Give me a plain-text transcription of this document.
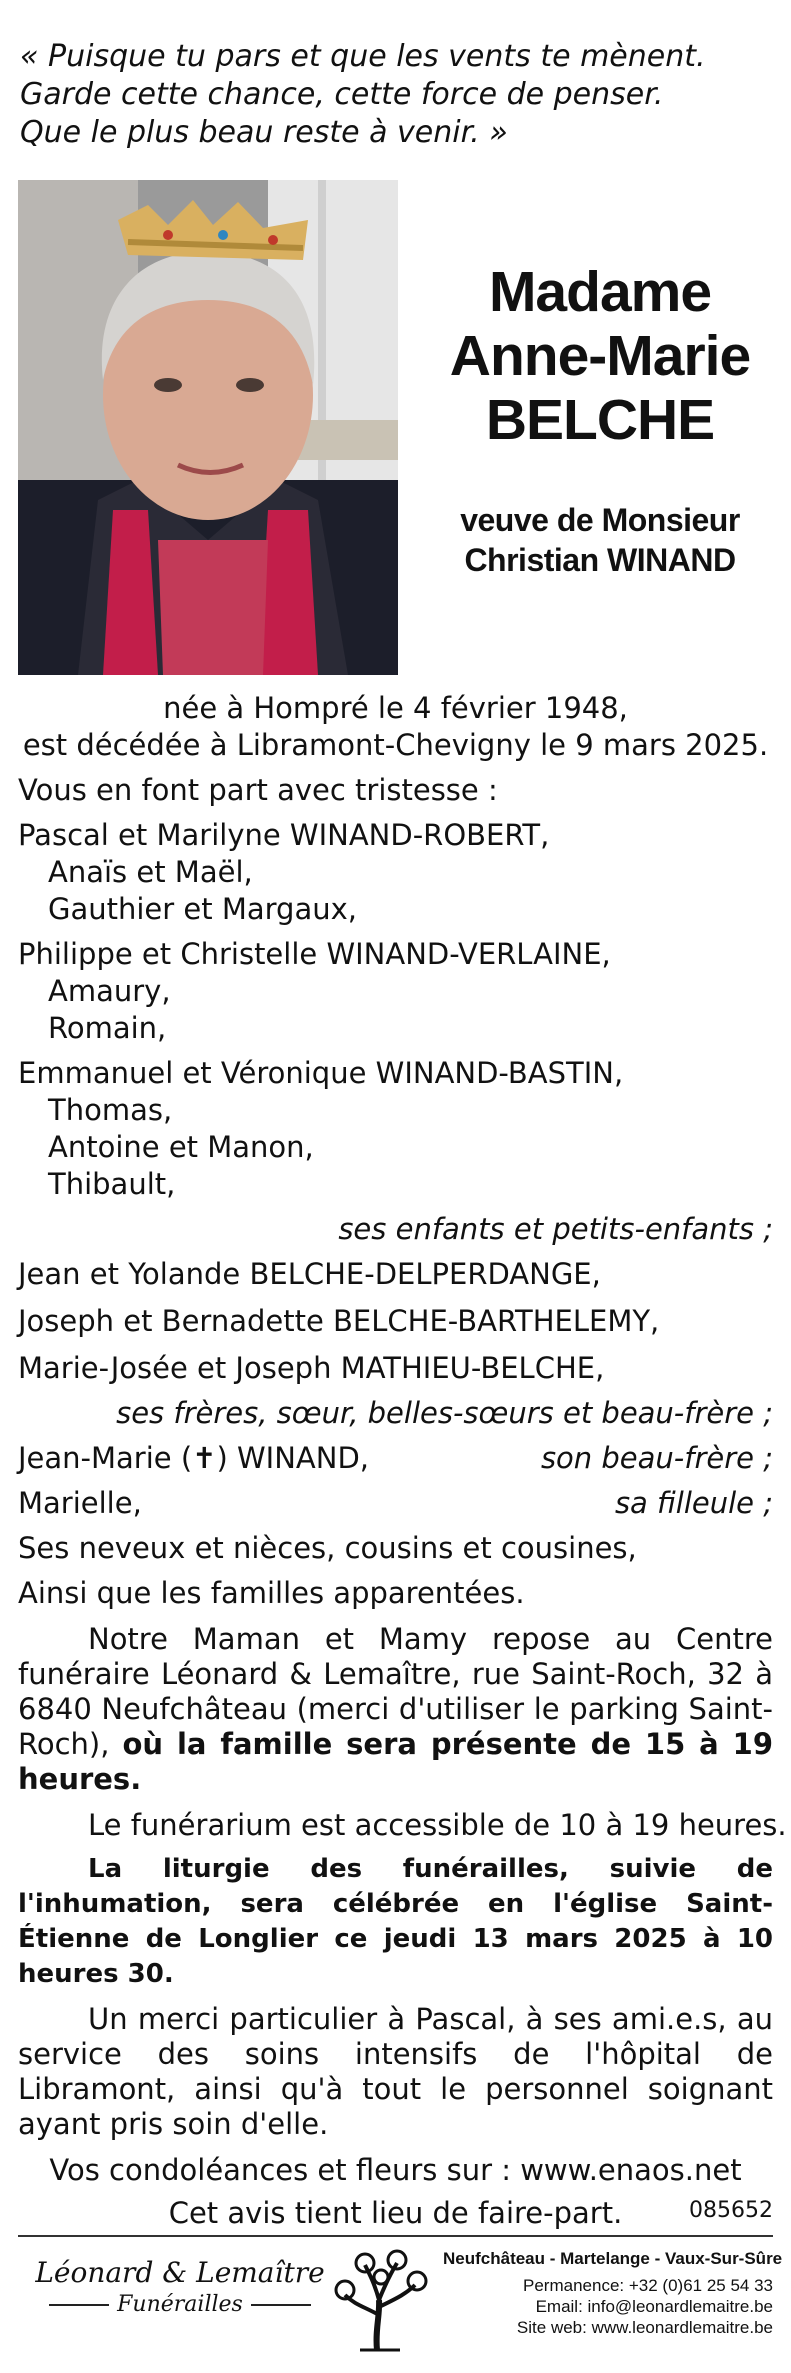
« Puisque tu pars et que les vents te mènent.
Garde cette chance, cette force de penser.
Que le plus beau reste à venir. »
Madame
Anne-Marie
BELCHE
veuve de Monsieur
Christian WINAND
née à Hompré le 4 février 1948,
est décédée à Libramont-Chevigny le 9 mars 2025.
Vous en font part avec tristesse :
Pascal et Marilyne WINAND-ROBERT,
Anaïs et Maël,
Gauthier et Margaux,
Philippe et Christelle WINAND-VERLAINE,
Amaury,
Romain,
Emmanuel et Véronique WINAND-BASTIN,
Thomas,
Antoine et Manon,
Thibault,
ses enfants et petits-enfants ;
Jean et Yolande BELCHE-DELPERDANGE,
Joseph et Bernadette BELCHE-BARTHELEMY,
Marie-Josée et Joseph MATHIEU-BELCHE,
ses frères, sœur, belles-sœurs et beau-frère ;
Jean-Marie (✝) WINAND,	son beau-frère ;
Marielle,	sa filleule ;
Ses neveux et nièces, cousins et cousines,
Ainsi que les familles apparentées.
Notre Maman et Mamy repose au Centre funéraire Léonard & Lemaître, rue Saint-Roch, 32 à 6840 Neufchâteau (merci d'utiliser le parking Saint-Roch), où la famille sera présente de 15 à 19 heures.
Le funérarium est accessible de 10 à 19 heures.
La liturgie des funérailles, suivie de l'inhumation, sera célébrée en l'église Saint-Étienne de Longlier ce jeudi 13 mars 2025 à 10 heures 30.
Un merci particulier à Pascal, à ses ami.e.s, au service des soins intensifs de l'hôpital de Libramont, ainsi qu'à tout le personnel soignant ayant pris soin d'elle.
Vos condoléances et fleurs sur : www.enaos.net
Cet avis tient lieu de faire-part.	085652
Léonard & Lemaître
Funérailles
Neufchâteau - Martelange - Vaux-Sur-Sûre
Permanence: +32 (0)61 25 54 33
Email: info@leonardlemaitre.be
Site web: www.leonardlemaitre.be
